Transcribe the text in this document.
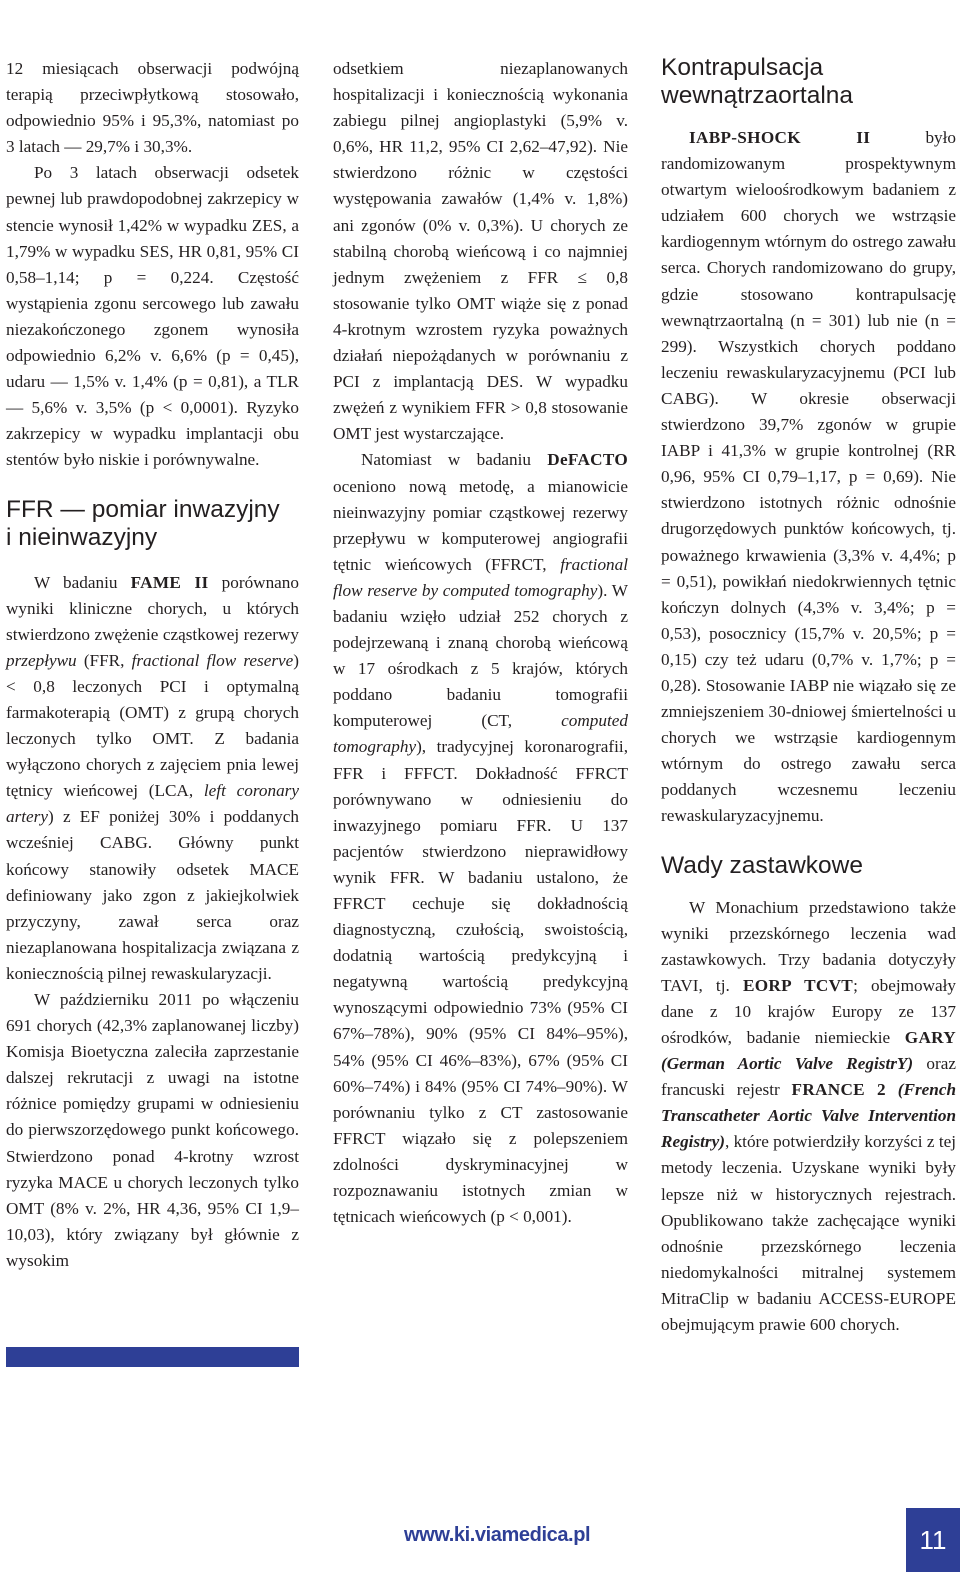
12 miesiącach obserwacji podwójną terapią przeciwpłytkową stosowało, odpowiednio 95% i 95,3%, natomiast po 3 latach — 29,7% i 30,3%.

Po 3 latach obserwacji odsetek pewnej lub prawdopodobnej zakrzepicy w stencie wynosił 1,42% w wypadku ZES, a 1,79% w wypadku SES, HR 0,81, 95% CI 0,58–1,14; p = 0,224. Częstość wystąpienia zgonu sercowego lub zawału niezakończonego zgonem wynosiła odpowiednio 6,2% v. 6,6% (p = 0,45), udaru — 1,5% v. 1,4% (p = 0,81), a TLR — 5,6% v. 3,5% (p < 0,0001). Ryzyko zakrzepicy w wypadku implantacji obu stentów było niskie i porównywalne.

FFR — pomiar inwazyjny
i nieinwazyjny

W badaniu FAME II porównano wyniki kliniczne chorych, u których stwierdzono zwężenie cząstkowej rezerwy przepływu (FFR, fractional flow reserve) < 0,8 leczonych PCI i optymalną farmakoterapią (OMT) z grupą chorych leczonych tylko OMT. Z badania wyłączono chorych z zajęciem pnia lewej tętnicy wieńcowej (LCA, left coronary artery) z EF poniżej 30% i poddanych wcześniej CABG. Główny punkt końcowy stanowiły odsetek MACE definiowany jako zgon z jakiejkolwiek przyczyny, zawał serca oraz niezaplanowana hospitalizacja związana z koniecznością pilnej rewaskularyzacji.

W październiku 2011 po włączeniu 691 chorych (42,3% zaplanowanej liczby) Komisja Bioetyczna zaleciła zaprzestanie dalszej rekrutacji z uwagi na istotne różnice pomiędzy grupami w odniesieniu do pierwszorzędowego punkt końcowego. Stwierdzono ponad 4-krotny wzrost ryzyka MACE u chorych leczonych tylko OMT (8% v. 2%, HR 4,36, 95% CI 1,9–10,03), który związany był głównie z wysokim

odsetkiem niezaplanowanych hospitalizacji i koniecznością wykonania zabiegu pilnej angioplastyki (5,9% v. 0,6%, HR 11,2, 95% CI 2,62–47,92). Nie stwierdzono różnic w częstości występowania zawałów (1,4% v. 1,8%) ani zgonów (0% v. 0,3%). U chorych ze stabilną chorobą wieńcową i co najmniej jednym zwężeniem z FFR ≤ 0,8 stosowanie tylko OMT wiąże się z ponad 4-krotnym wzrostem ryzyka poważnych działań niepożądanych w porównaniu z PCI z implantacją DES. W wypadku zwężeń z wynikiem FFR > 0,8 stosowanie OMT jest wystarczające.

Natomiast w badaniu DeFACTO oceniono nową metodę, a mianowicie nieinwazyjny pomiar cząstkowej rezerwy przepływu w komputerowej angiografii tętnic wieńcowych (FFRCT, fractional flow reserve by computed tomography). W badaniu wzięło udział 252 chorych z podejrzewaną i znaną chorobą wieńcową w 17 ośrodkach z 5 krajów, których poddano badaniu tomografii komputerowej (CT, computed tomography), tradycyjnej koronarografii, FFR i FFFCT. Dokładność FFRCT porównywano w odniesieniu do inwazyjnego pomiaru FFR. U 137 pacjentów stwierdzono nieprawidłowy wynik FFR. W badaniu ustalono, że FFRCT cechuje się dokładnością diagnostyczną, czułością, swoistością, dodatnią wartością predykcyjną i negatywną wartością predykcyjną wynoszącymi odpowiednio 73% (95% CI 67%–78%), 90% (95% CI 84%–95%), 54% (95% CI 46%–83%), 67% (95% CI 60%–74%) i 84% (95% CI 74%–90%). W porównaniu tylko z CT zastosowanie FFRCT wiązało się z polepszeniem zdolności dyskryminacyjnej w rozpoznawaniu istotnych zmian w tętnicach wieńcowych (p < 0,001).

Kontrapulsacja
wewnątrzaortalna

IABP-SHOCK II było randomizowanym prospektywnym otwartym wieloośrodkowym badaniem z udziałem 600 chorych we wstrząsie kardiogennym wtórnym do ostrego zawału serca. Chorych randomizowano do grupy, gdzie stosowano kontrapulsację wewnątrzaortalną (n = 301) lub nie (n = 299). Wszystkich chorych poddano leczeniu rewaskularyzacyjnemu (PCI lub CABG). W okresie obserwacji stwierdzono 39,7% zgonów w grupie IABP i 41,3% w grupie kontrolnej (RR 0,96, 95% CI 0,79–1,17, p = 0,69). Nie stwierdzono istotnych różnic odnośnie drugorzędowych punktów końcowych, tj. poważnego krwawienia (3,3% v. 4,4%; p = 0,51), powikłań niedokrwiennych tętnic kończyn dolnych (4,3% v. 3,4%; p = 0,53), posocznicy (15,7% v. 20,5%; p = 0,15) czy też udaru (0,7% v. 1,7%; p = 0,28). Stosowanie IABP nie wiązało się ze zmniejszeniem 30-dniowej śmiertelności u chorych we wstrząsie kardiogennym wtórnym do ostrego zawału serca poddanych wczesnemu leczeniu rewaskularyzacyjnemu.

Wady zastawkowe

W Monachium przedstawiono także wyniki przezskórnego leczenia wad zastawkowych. Trzy badania dotyczyły TAVI, tj. EORP TCVT; obejmowały dane z 10 krajów Europy ze 137 ośrodków, badanie niemieckie GARY (German Aortic Valve RegistrY) oraz francuski rejestr FRANCE 2 (French Transcatheter Aortic Valve Intervention Registry), które potwierdziły korzyści z tej metody leczenia. Uzyskane wyniki były lepsze niż w historycznych rejestrach. Opublikowano także zachęcające wyniki odnośnie przezskórnego leczenia niedomykalności mitralnej systemem MitraClip w badaniu ACCESS-EUROPE obejmującym prawie 600 chorych.

www.ki.viamedica.pl	11
